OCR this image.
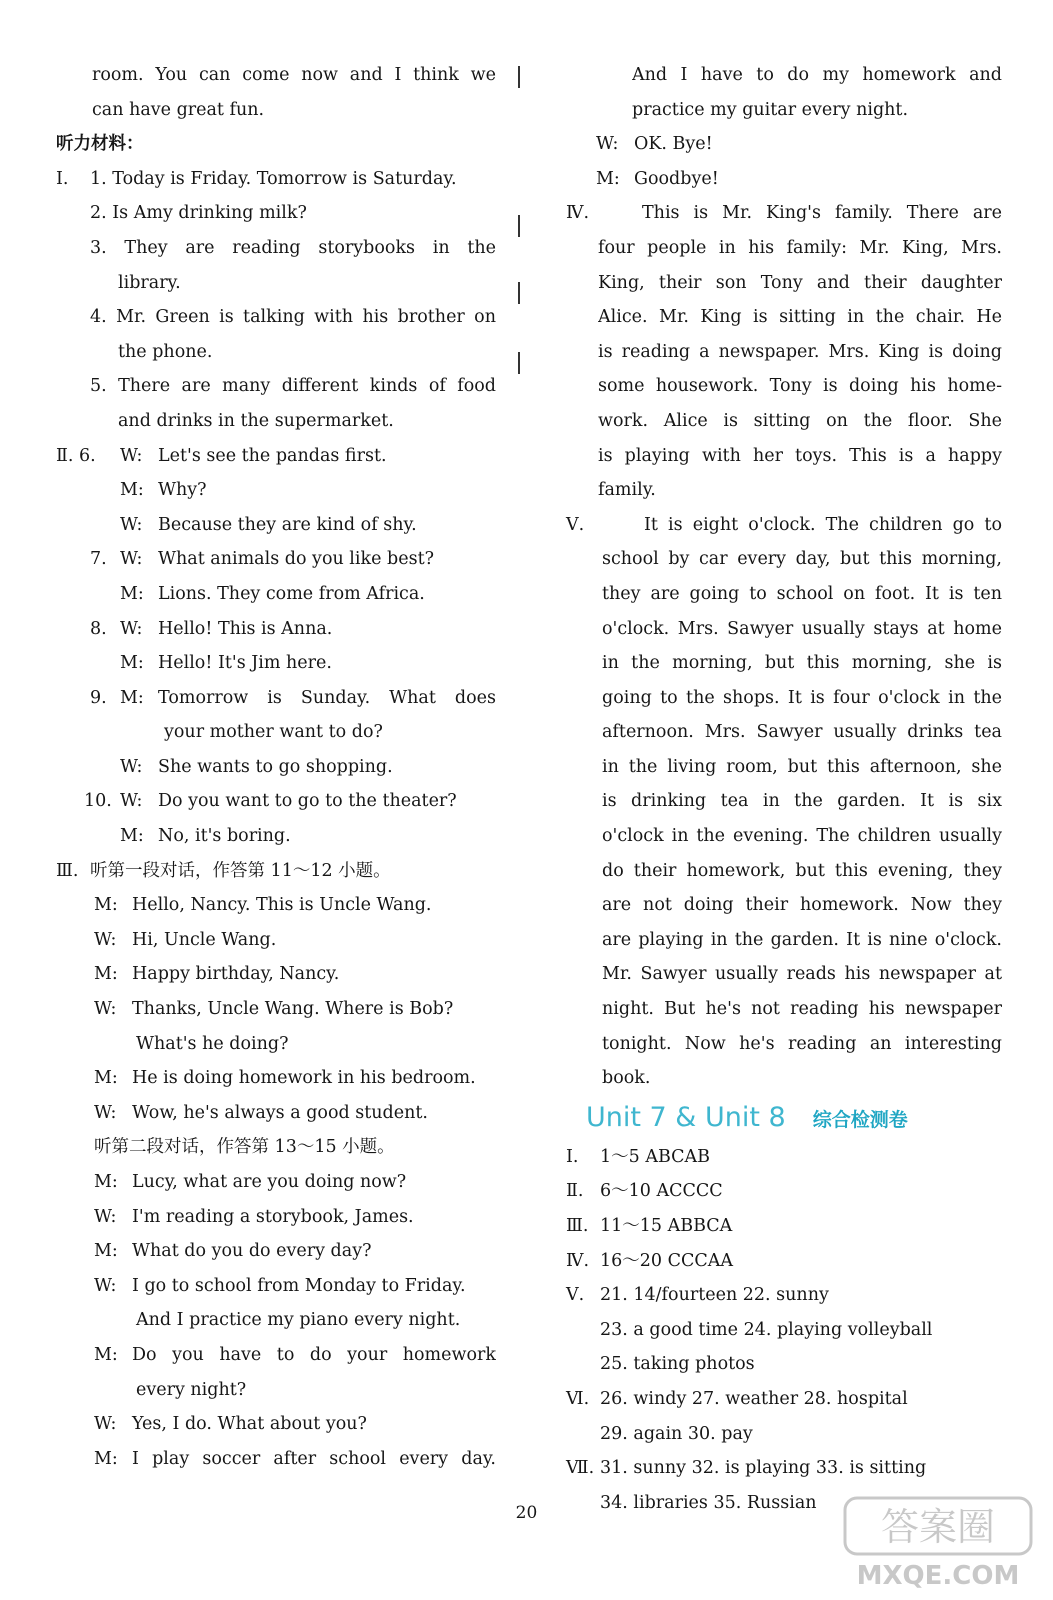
room. You can come now and I think we
can have great fun.
听力材料：
Ⅰ. 1. Today is Friday. Tomorrow is Saturday.
2. Is Amy drinking milk?
3. They are reading storybooks in the
library.
4. Mr. Green is talking with his brother on
the phone.
5. There are many different kinds of food
and drinks in the supermarket.
Ⅱ. 6. W: Let's see the pandas first.
M: Why?
W: Because they are kind of shy.
7. W: What animals do you like best?
M: Lions. They come from Africa.
8. W: Hello! This is Anna.
M: Hello! It's Jim here.
9. M: Tomorrow is Sunday. What does
your mother want to do?
W: She wants to go shopping.
10. W: Do you want to go to the theater?
M: No, it's boring.
Ⅲ. 听第一段对话，作答第 11～12 小题。
M: Hello, Nancy. This is Uncle Wang.
W: Hi, Uncle Wang.
M: Happy birthday, Nancy.
W: Thanks, Uncle Wang. Where is Bob?
What's he doing?
M: He is doing homework in his bedroom.
W: Wow, he's always a good student.
听第二段对话，作答第 13～15 小题。
M: Lucy, what are you doing now?
W: I'm reading a storybook, James.
M: What do you do every day?
W: I go to school from Monday to Friday.
And I practice my piano every night.
M: Do you have to do your homework
every night?
W: Yes, I do. What about you?
M: I play soccer after school every day.
And I have to do my homework and
practice my guitar every night.
W: OK. Bye!
M: Goodbye!
Ⅳ.	This is Mr. King's family. There are
four people in his family: Mr. King, Mrs.
King, their son Tony and their daughter
Alice. Mr. King is sitting in the chair. He
is reading a newspaper. Mrs. King is doing
some housework. Tony is doing his home-
work. Alice is sitting on the floor. She
is playing with her toys. This is a happy
family.
Ⅴ.	It is eight o'clock. The children go to
school by car every day, but this morning,
they are going to school on foot. It is ten
o'clock. Mrs. Sawyer usually stays at home
in the morning, but this morning, she is
going to the shops. It is four o'clock in the
afternoon. Mrs. Sawyer usually drinks tea
in the living room, but this afternoon, she
is drinking tea in the garden. It is six
o'clock in the evening. The children usually
do their homework, but this evening, they
are not doing their homework. Now they
are playing in the garden. It is nine o'clock.
Mr. Sawyer usually reads his newspaper at
night. But he's not reading his newspaper
tonight. Now he's reading an interesting
book.
Unit 7 & Unit 8 综合检测卷
Ⅰ. 1～5 ABCAB
Ⅱ. 6～10 ACCCC
Ⅲ. 11～15 ABBCA
Ⅳ. 16～20 CCCAA
Ⅴ. 21. 14/fourteen 22. sunny
23. a good time 24. playing volleyball
25. taking photos
Ⅵ. 26. windy 27. weather 28. hospital
29. again 30. pay
Ⅶ. 31. sunny 32. is playing 33. is sitting
34. libraries 35. Russian
20	答案圈
MXQE.COM
